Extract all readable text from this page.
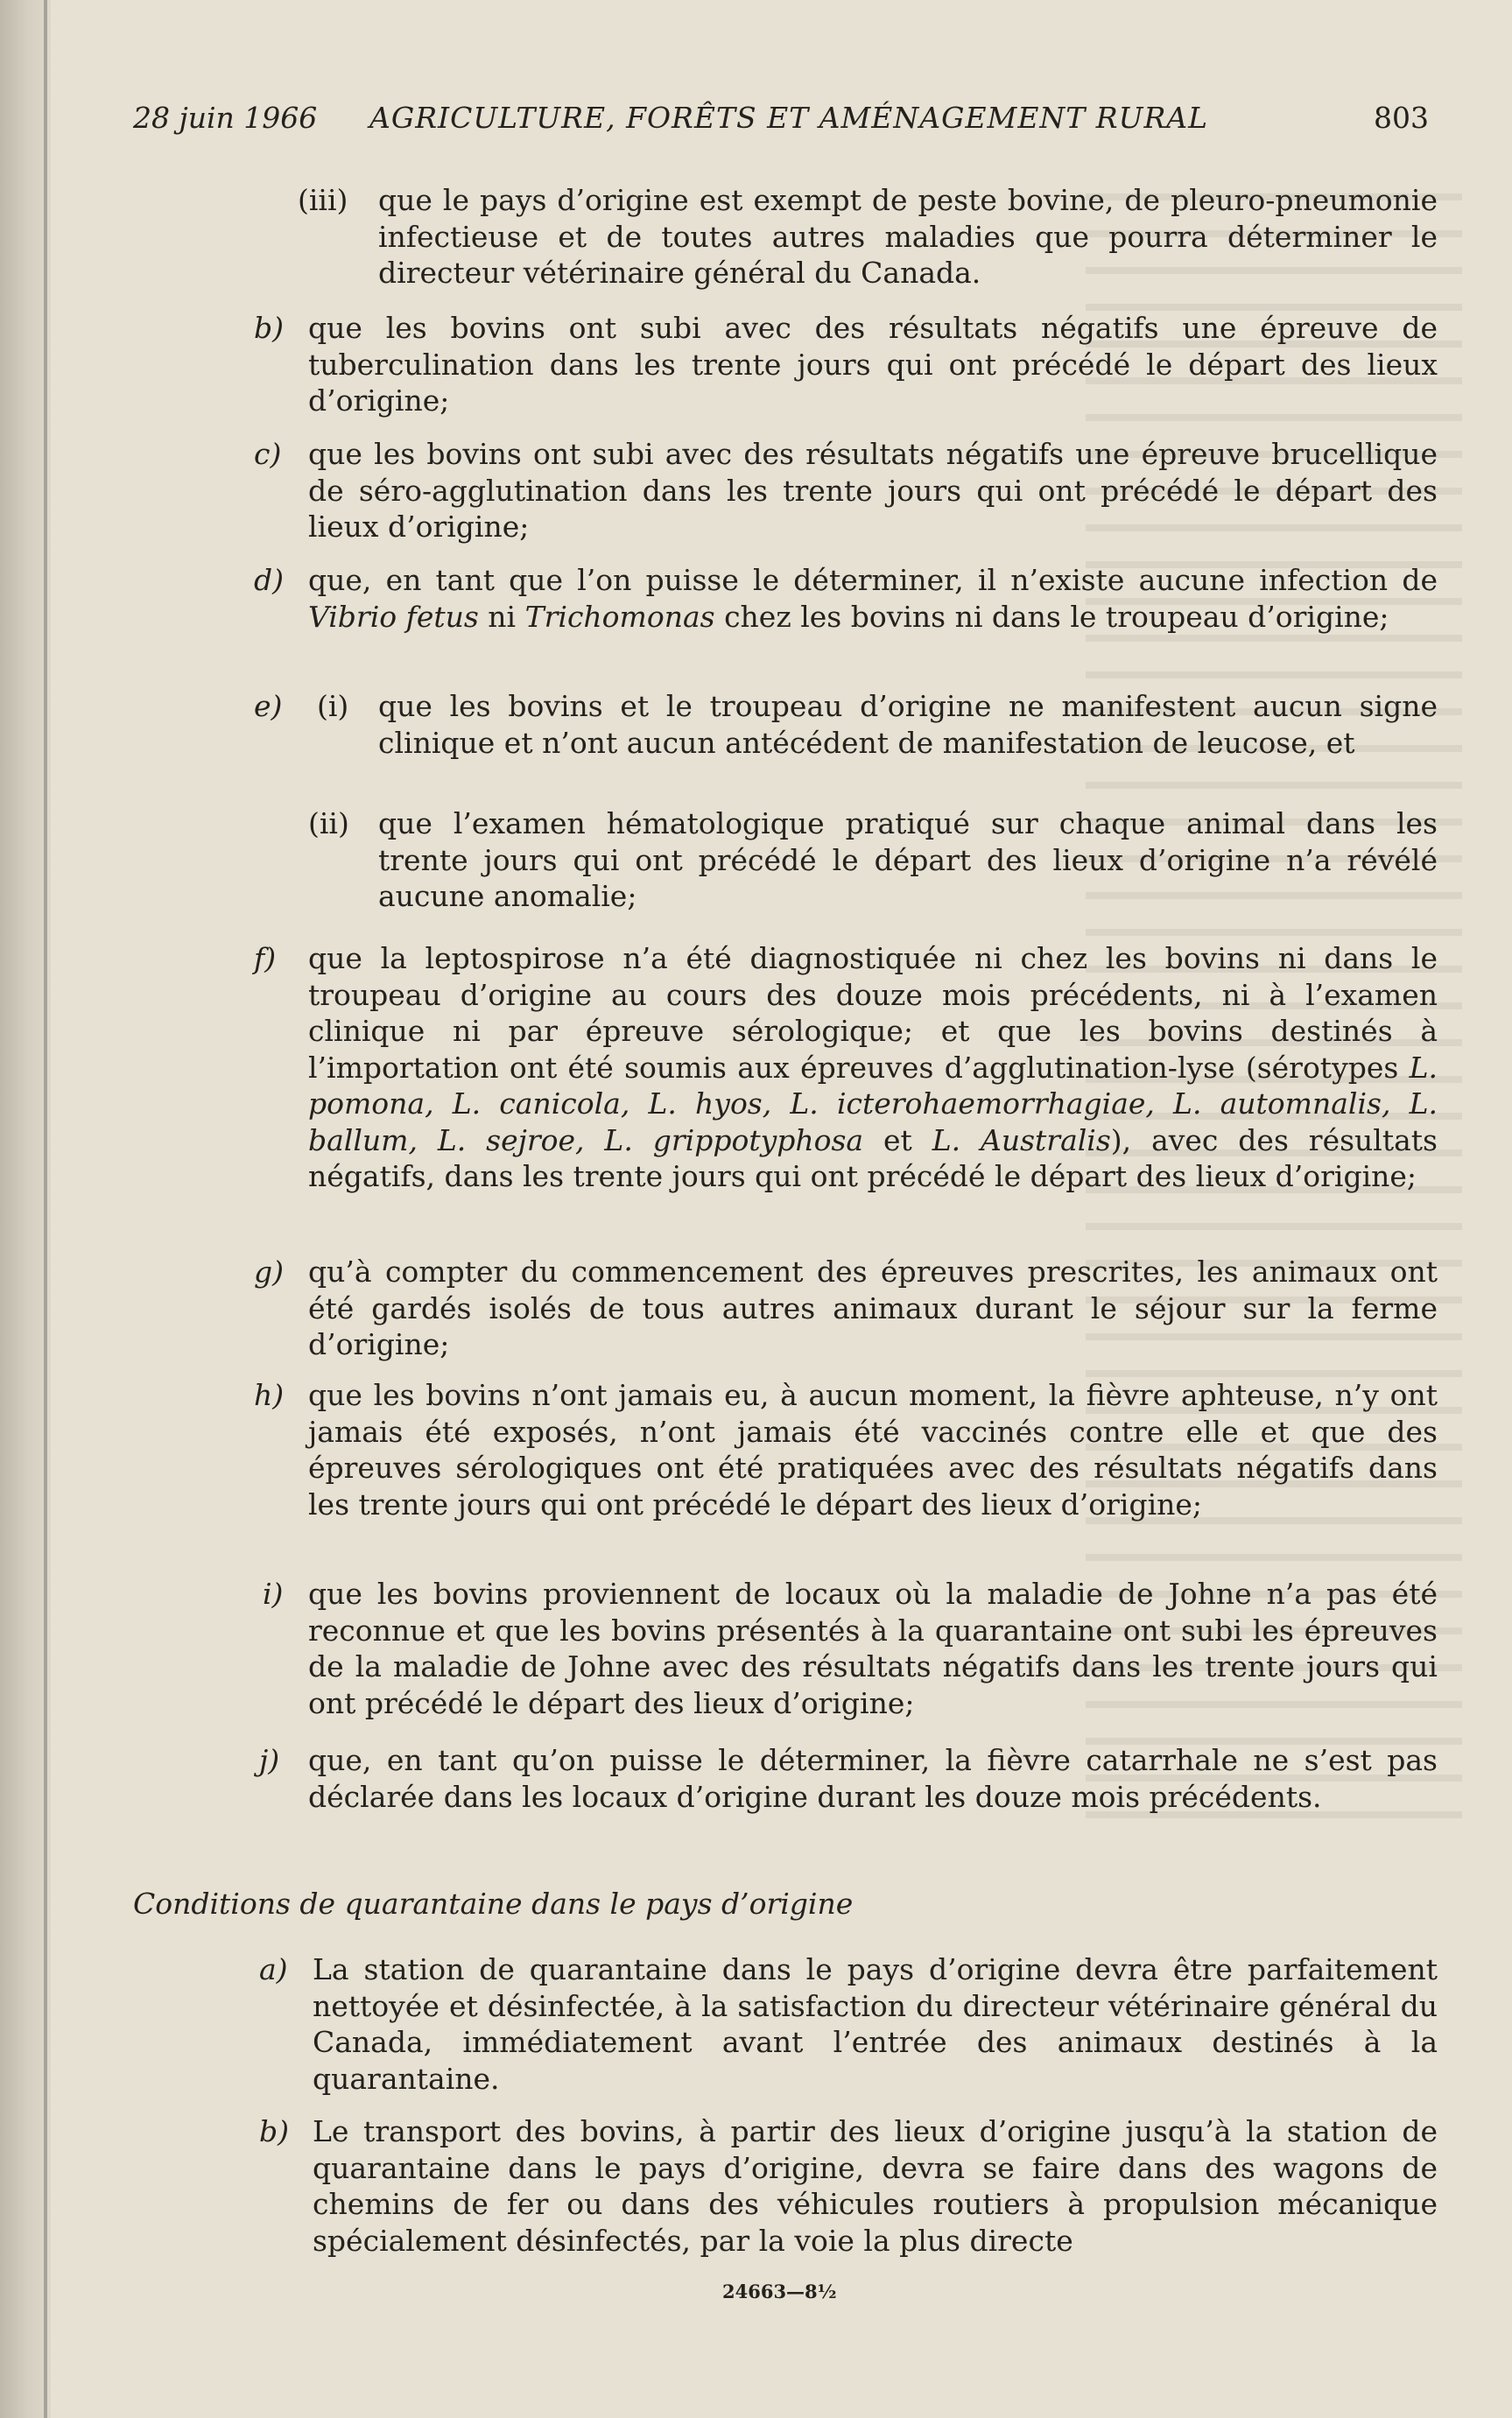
28 juin 1966 AGRICULTURE, FORÊTS ET AMÉNAGEMENT RURAL	803
(iii) que le pays d’origine est exempt de peste bovine, de pleuro-pneumonie infectieuse et de toutes autres maladies que pourra déterminer le directeur vétérinaire général du Canada.
b) que les bovins ont subi avec des résultats négatifs une épreuve de tuberculination dans les trente jours qui ont précédé le départ des lieux d’origine;
c) que les bovins ont subi avec des résultats négatifs une épreuve brucellique de séro-agglutination dans les trente jours qui ont précédé le départ des lieux d’origine;
d) que, en tant que l’on puisse le déterminer, il n’existe aucune infection de Vibrio fetus ni Trichomonas chez les bovins ni dans le troupeau d’origine;
e) (i) que les bovins et le troupeau d’origine ne manifestent aucun signe clinique et n’ont aucun antécédent de manifestation de leucose, et
(ii) que l’examen hématologique pratiqué sur chaque animal dans les trente jours qui ont précédé le départ des lieux d’origine n’a révélé aucune anomalie;
f) que la leptospirose n’a été diagnostiquée ni chez les bovins ni dans le troupeau d’origine au cours des douze mois précédents, ni à l’examen clinique ni par épreuve sérologique; et que les bovins destinés à l’importation ont été soumis aux épreuves d’agglutination-lyse (sérotypes L. pomona, L. canicola, L. hyos, L. icterohaemorrhagiae, L. automnalis, L. ballum, L. sejroe, L. grippotyphosa et L. Australis), avec des résultats négatifs, dans les trente jours qui ont précédé le départ des lieux d’origine;
g) qu’à compter du commencement des épreuves prescrites, les animaux ont été gardés isolés de tous autres animaux durant le séjour sur la ferme d’origine;
h) que les bovins n’ont jamais eu, à aucun moment, la fièvre aphteuse, n’y ont jamais été exposés, n’ont jamais été vaccinés contre elle et que des épreuves sérologiques ont été pratiquées avec des résultats négatifs dans les trente jours qui ont précédé le départ des lieux d’origine;
i) que les bovins proviennent de locaux où la maladie de Johne n’a pas été reconnue et que les bovins présentés à la quarantaine ont subi les épreuves de la maladie de Johne avec des résultats négatifs dans les trente jours qui ont précédé le départ des lieux d’origine;
j) que, en tant qu’on puisse le déterminer, la fièvre catarrhale ne s’est pas déclarée dans les locaux d’origine durant les douze mois précédents.
Conditions de quarantaine dans le pays d’origine
a) La station de quarantaine dans le pays d’origine devra être parfaitement nettoyée et désinfectée, à la satisfaction du directeur vétérinaire général du Canada, immédiatement avant l’entrée des animaux destinés à la quarantaine.
b) Le transport des bovins, à partir des lieux d’origine jusqu’à la station de quarantaine dans le pays d’origine, devra se faire dans des wagons de chemins de fer ou dans des véhicules routiers à propulsion mécanique spécialement désinfectés, par la voie la plus directe
24663—8½
